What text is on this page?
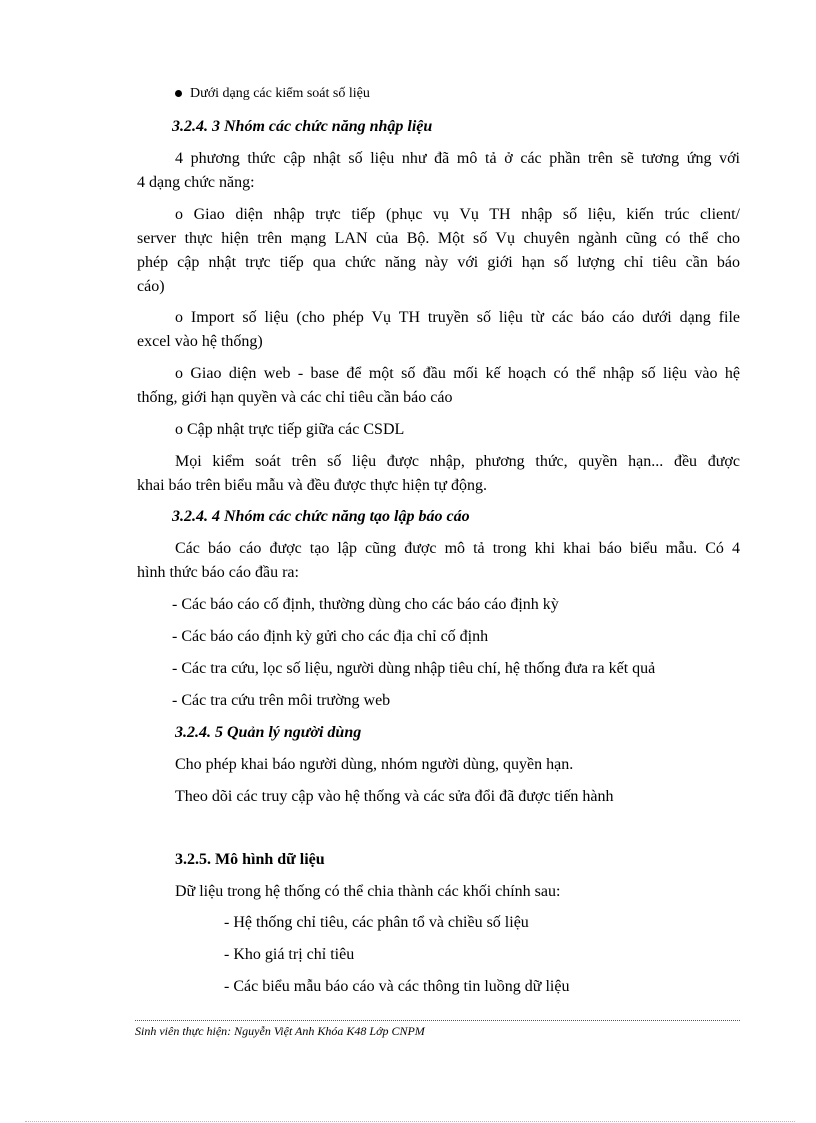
Dưới dạng các kiểm soát số liệu
3.2.4. 3 Nhóm các chức năng nhập liệu
4 phương thức cập nhật số liệu như đã mô tả ở các phần trên sẽ tương ứng với
4 dạng chức năng:
o Giao diện nhập trực tiếp (phục vụ Vụ TH nhập số liệu, kiến trúc client/
server thực hiện trên mạng LAN của Bộ. Một số Vụ chuyên ngành cũng có thể cho
phép cập nhật trực tiếp qua chức năng này với giới hạn số lượng chỉ tiêu cần báo
cáo)
o Import số liệu (cho phép Vụ TH truyền số liệu từ các báo cáo dưới dạng file
excel vào hệ thống)
o Giao diện web - base để một số đầu mối kế hoạch có thể nhập số liệu vào hệ
thống, giới hạn quyền và các chỉ tiêu cần báo cáo
o Cập nhật trực tiếp giữa các CSDL
Mọi kiểm soát trên số liệu được nhập, phương thức, quyền hạn... đều được
khai báo trên biểu mẫu và đều được thực hiện tự động.
3.2.4. 4 Nhóm các chức năng tạo lập báo cáo
Các báo cáo được tạo lập cũng được mô tả trong khi khai báo biểu mẫu. Có 4
hình thức báo cáo đầu ra:
- Các báo cáo cố định, thường dùng cho các báo cáo định kỳ
- Các báo cáo định kỳ gửi cho các địa chỉ cố định
- Các tra cứu, lọc số liệu, người dùng nhập tiêu chí, hệ thống đưa ra kết quả
- Các tra cứu trên môi trường web
3.2.4. 5 Quản lý người dùng
Cho phép khai báo người dùng, nhóm người dùng, quyền hạn.
Theo dõi các truy cập vào hệ thống và các sửa đổi đã được tiến hành
3.2.5. Mô hình dữ liệu
Dữ liệu trong hệ thống có thể chia thành các khối chính sau:
- Hệ thống chỉ tiêu, các phân tổ và chiều số liệu
- Kho giá trị chỉ tiêu
- Các biểu mẫu báo cáo và các thông tin luồng dữ liệu
Sinh viên thực hiện: Nguyễn Việt Anh Khóa K48 Lớp CNPM
